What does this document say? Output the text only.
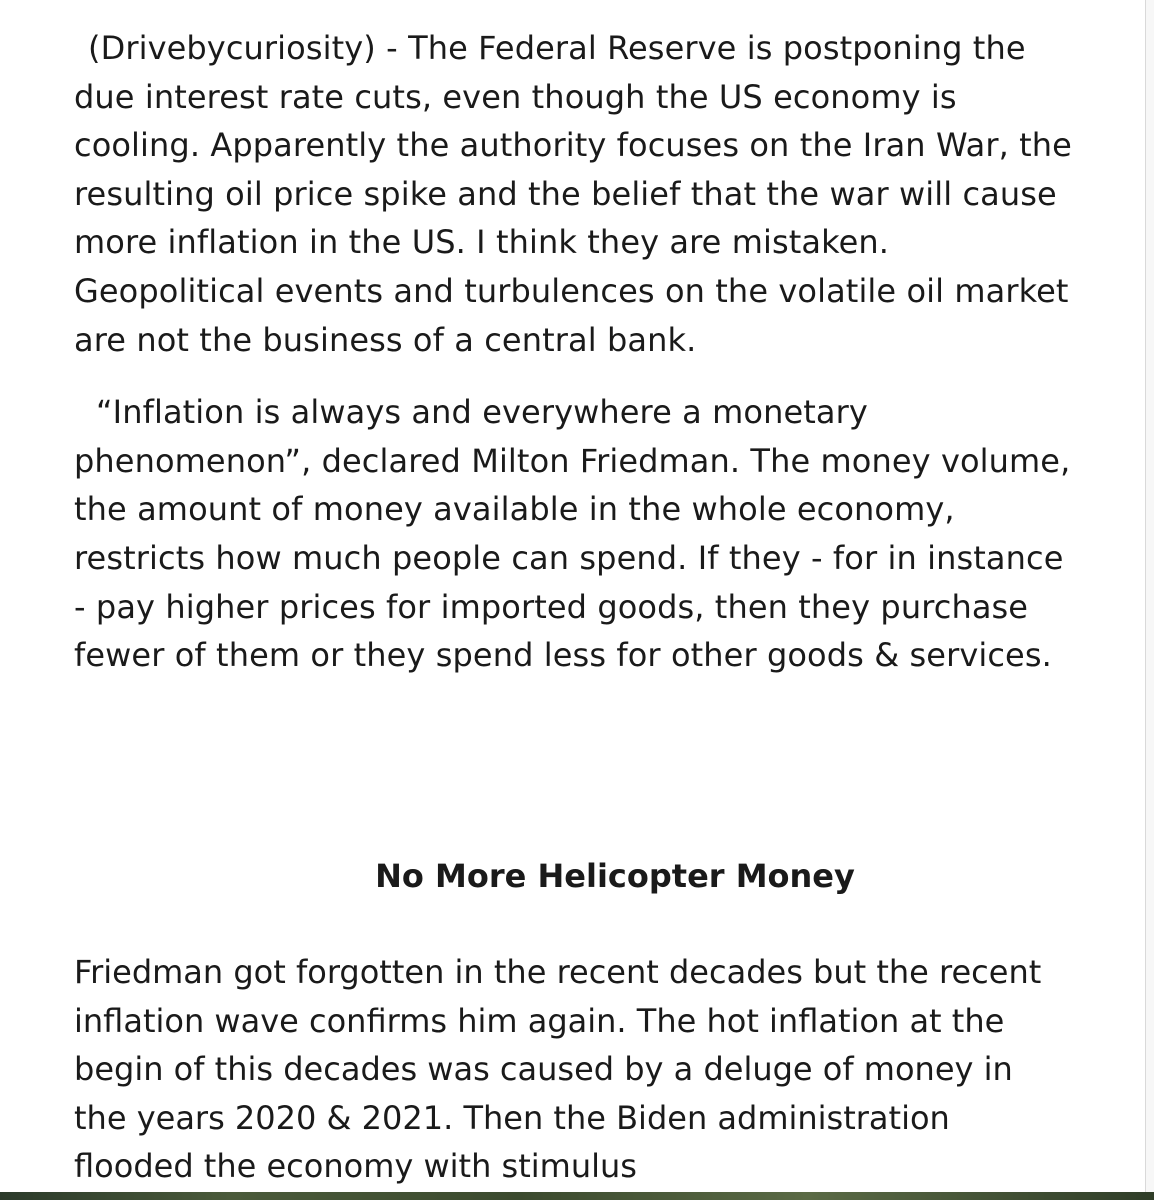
(Drivebycuriosity) - The Federal Reserve is postponing the due interest rate cuts, even though the US economy is cooling. Apparently the authority focuses on the Iran War, the resulting oil price spike and the belief that the war will cause more inflation in the US. I think they are mistaken. Geopolitical events and turbulences on the volatile oil market are not the business of a central bank.

“Inflation is always and everywhere a monetary phenomenon”, declared Milton Friedman. The money volume, the amount of money available in the whole economy, restricts how much people can spend. If they - for in instance - pay higher prices for imported goods, then they purchase fewer of them or they spend less for other goods & services.

No More Helicopter Money

Friedman got forgotten in the recent decades but the recent inflation wave confirms him again. The hot inflation at the begin of this decades was caused by a deluge of money in the years 2020 & 2021. Then the Biden administration flooded the economy with stimulus
